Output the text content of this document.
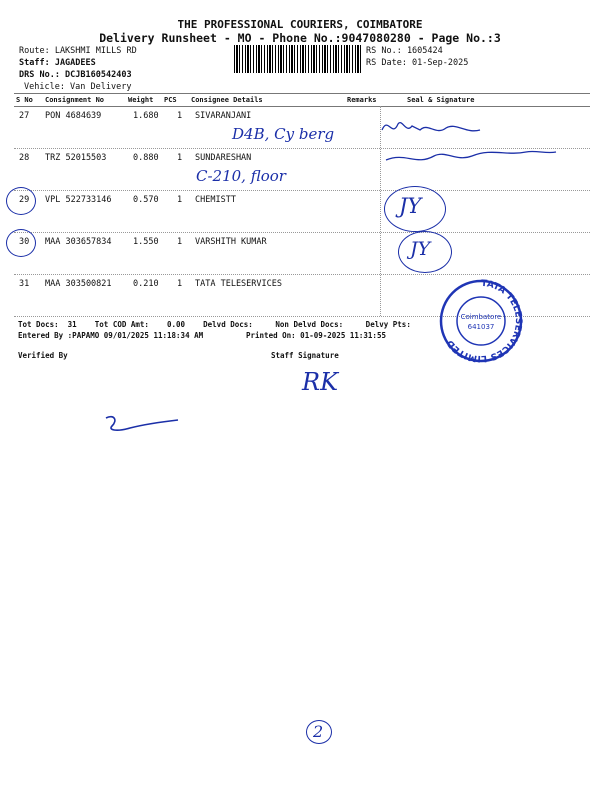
THE PROFESSIONAL COURIERS, COIMBATORE
Delivery Runsheet - MO - Phone No.:9047080280 - Page No.:3
Route: LAKSHMI MILLS RD
Staff: JAGADEES
DRS No.: DCJB160542403
Vehicle: Van Delivery
RS No.: 1605424
RS Date: 01-Sep-2025
S No Consignment No	Weight PCS Consignee Details	Remarks	Seal & Signature
27 PON 4684639	1.680 1 SIVARANJANI
28 TRZ 52015503	0.880 1 SUNDARESHAN
29 VPL 522733146	0.570 1 CHEMISTT
30 MAA 303657834	1.550 1 VARSHITH KUMAR
31 MAA 303500821	0.210 1 TATA TELESERVICES
D4B, Cy berg
C-210, floor
JY
JY
TATA TELESERVICES LIMITED
Coimbatore
641037
Tot Docs:  31    Tot COD Amt:    0.00    Delvd Docs:     Non Delvd Docs:     Delvy Pts:
Entered By :PAPAMO 09/01/2025 11:18:34 AM	Printed On: 01-09-2025 11:31:55
Verified By	Staff Signature
RK
2
